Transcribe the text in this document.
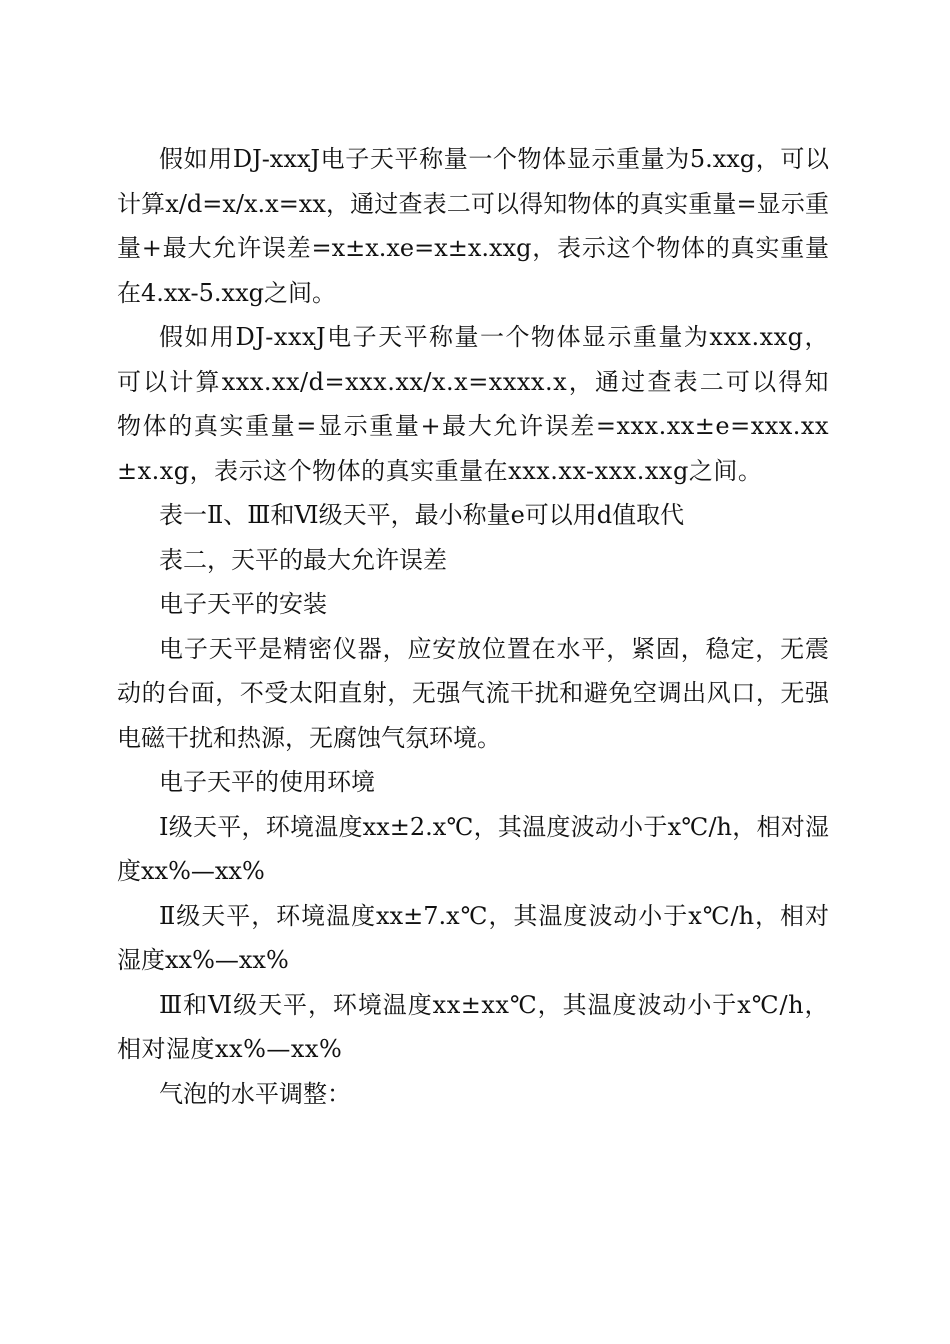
假如用DJ-xxxJ电子天平称量一个物体显示重量为5.xxg，可以计算x/d=x/x.x=xx，通过查表二可以得知物体的真实重量=显示重量+最大允许误差=x±x.xe=x±x.xxg，表示这个物体的真实重量在4.xx-5.xxg之间。

假如用DJ-xxxJ电子天平称量一个物体显示重量为xxx.xxg，可以计算xxx.xx/d=xxx.xx/x.x=xxxx.x，通过查表二可以得知物体的真实重量=显示重量+最大允许误差=xxx.xx±e=xxx.xx±x.xg，表示这个物体的真实重量在xxx.xx-xxx.xxg之间。

表一Ⅱ、Ⅲ和Ⅵ级天平，最小称量e可以用d值取代

表二，天平的最大允许误差

电子天平的安装

电子天平是精密仪器，应安放位置在水平，紧固，稳定，无震动的台面，不受太阳直射，无强气流干扰和避免空调出风口，无强电磁干扰和热源，无腐蚀气氛环境。

电子天平的使用环境

Ⅰ级天平，环境温度xx±2.x℃，其温度波动小于x℃/h，相对湿度xx%—xx%

Ⅱ级天平，环境温度xx±7.x℃，其温度波动小于x℃/h，相对湿度xx%—xx%

Ⅲ和Ⅵ级天平，环境温度xx±xx℃，其温度波动小于x℃/h，相对湿度xx%—xx%

气泡的水平调整：
